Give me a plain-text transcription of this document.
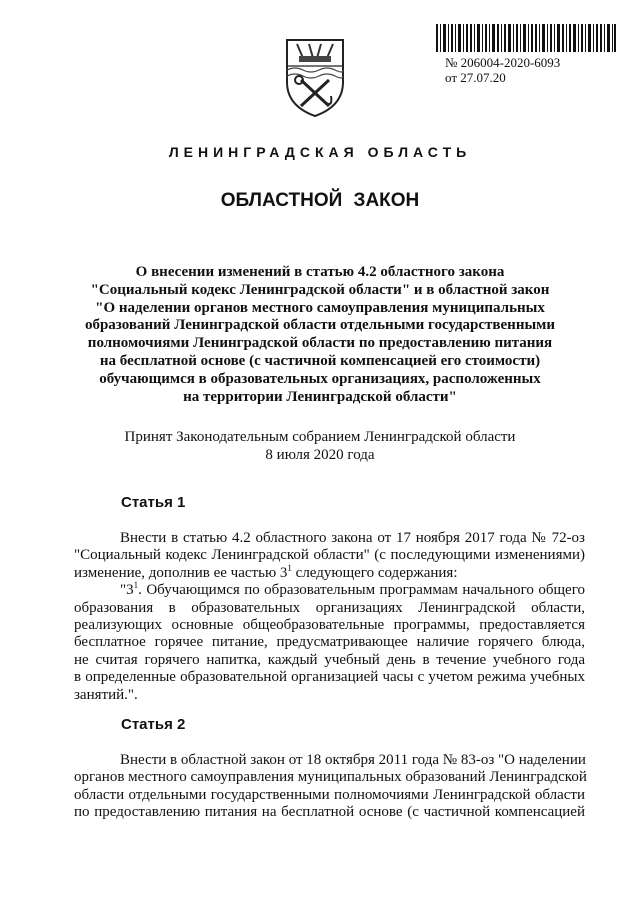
№ 206004-2020-6093
от 27.07.20
ЛЕНИНГРАДСКАЯ ОБЛАСТЬ
ОБЛАСТНОЙ ЗАКОН
О внесении изменений в статью 4.2 областного закона
"Социальный кодекс Ленинградской области" и в областной закон
"О наделении органов местного самоуправления муниципальных
образований Ленинградской области отдельными государственными
полномочиями Ленинградской области по предоставлению питания
на бесплатной основе (с частичной компенсацией его стоимости)
обучающимся в образовательных организациях, расположенных
на территории Ленинградской области"
Принят Законодательным собранием Ленинградской области
8 июля 2020 года
Статья 1
Внести в статью 4.2 областного закона от 17 ноября 2017 года № 72-оз
"Социальный кодекс Ленинградской области" (с последующими изменениями)
изменение, дополнив ее частью $3^1$ следующего содержания:
"$3^1$. Обучающимся по образовательным программам начального общего
образования в образовательных организациях Ленинградской области,
реализующих основные общеобразовательные программы, предоставляется
бесплатное горячее питание, предусматривающее наличие горячего блюда,
не считая горячего напитка, каждый учебный день в течение учебного года
в определенные образовательной организацией часы с учетом режима учебных
занятий.".
Статья 2
Внести в областной закон от 18 октября 2011 года № 83-оз "О наделении
органов местного самоуправления муниципальных образований Ленинградской
области отдельными государственными полномочиями Ленинградской области
по предоставлению питания на бесплатной основе (с частичной компенсацией
